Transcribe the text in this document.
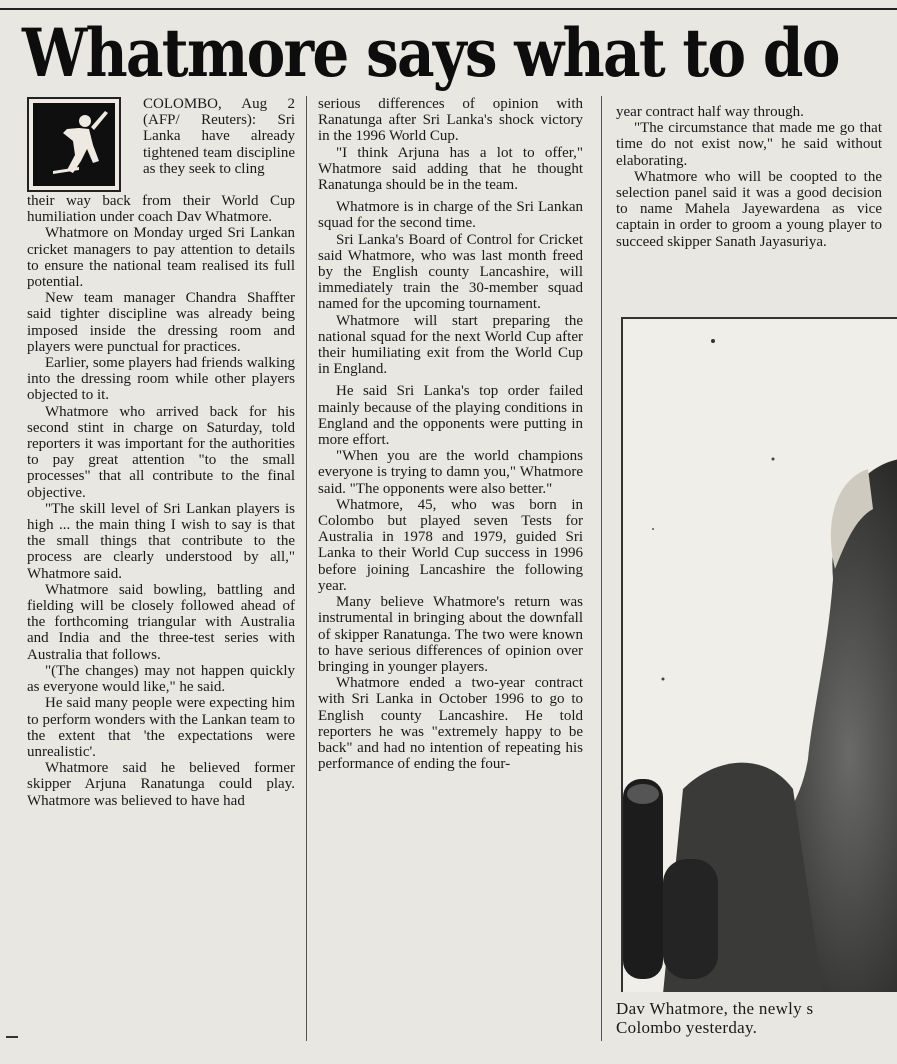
Whatmore says what to do

COLOMBO, Aug 2 (AFP/ Reuters): Sri Lanka have already tightened team discipline as they seek to cling

their way back from their World Cup humiliation under coach Dav Whatmore.

Whatmore on Monday urged Sri Lankan cricket managers to pay attention to details to ensure the national team realised its full potential.

New team manager Chandra Shaffter said tighter discipline was already being imposed inside the dressing room and players were punctual for practices.

Earlier, some players had friends walking into the dressing room while other players objected to it.

Whatmore who arrived back for his second stint in charge on Saturday, told reporters it was important for the authorities to pay great attention "to the small processes" that all contribute to the final objective.

"The skill level of Sri Lankan players is high ... the main thing I wish to say is that the small things that contribute to the process are clearly understood by all," Whatmore said.

Whatmore said bowling, battling and fielding will be closely followed ahead of the forthcoming triangular with Australia and India and the three-test series with Australia that follows.

"(The changes) may not happen quickly as everyone would like," he said.

He said many people were expecting him to perform wonders with the Lankan team to the extent that 'the expectations were unrealistic'.

Whatmore said he believed former skipper Arjuna Ranatunga could play. Whatmore was believed to have had

serious differences of opinion with Ranatunga after Sri Lanka's shock victory in the 1996 World Cup.

"I think Arjuna has a lot to offer," Whatmore said adding that he thought Ranatunga should be in the team.

Whatmore is in charge of the Sri Lankan squad for the second time.

Sri Lanka's Board of Control for Cricket said Whatmore, who was last month freed by the English county Lancashire, will immediately train the 30-member squad named for the upcoming tournament.

Whatmore will start preparing the national squad for the next World Cup after their humiliating exit from the World Cup in England.

He said Sri Lanka's top order failed mainly because of the playing conditions in England and the opponents were putting in more effort.

"When you are the world champions everyone is trying to damn you," Whatmore said. "The opponents were also better."

Whatmore, 45, who was born in Colombo but played seven Tests for Australia in 1978 and 1979, guided Sri Lanka to their World Cup success in 1996 before joining Lancashire the following year.

Many believe Whatmore's return was instrumental in bringing about the downfall of skipper Ranatunga. The two were known to have serious differences of opinion over bringing in younger players.

Whatmore ended a two-year contract with Sri Lanka in October 1996 to go to English county Lancashire. He told reporters he was "extremely happy to be back" and had no intention of repeating his performance of ending the four-

year contract half way through.

"The circumstance that made me go that time do not exist now," he said without elaborating.

Whatmore who will be coopted to the selection panel said it was a good decision to name Mahela Jayewardena as vice captain in order to groom a young player to succeed skipper Sanath Jayasuriya.

Dav Whatmore, the newly s
Colombo yesterday.
